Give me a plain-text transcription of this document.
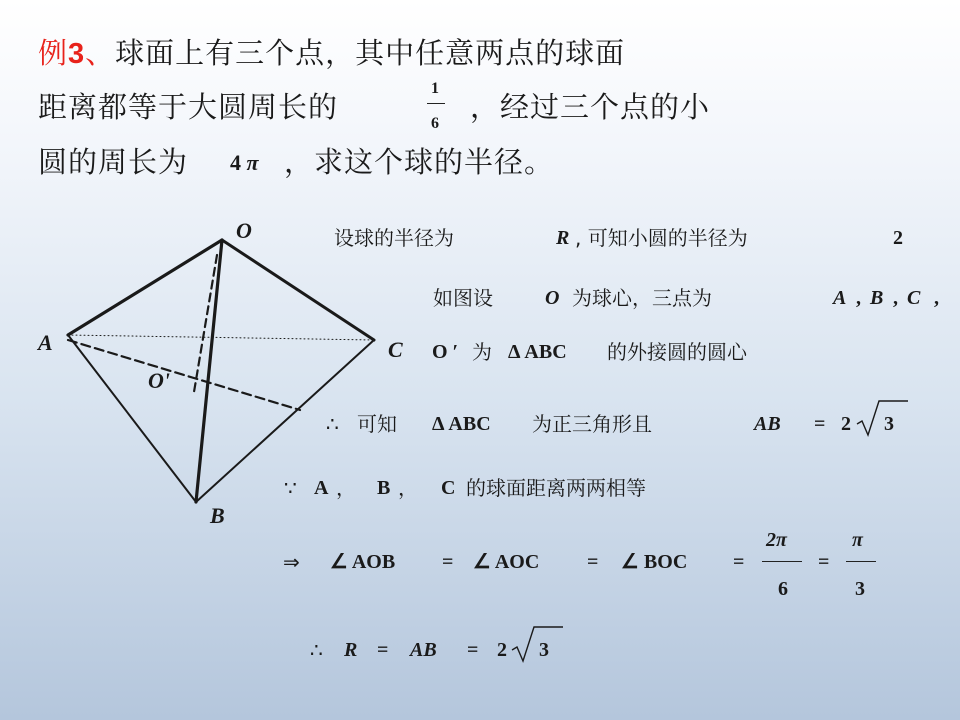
例3、球面上有三个点，其中任意两点的球面
距离都等于大圆周长的
1
6 ，经过三个点的小
圆的周长为 4 π ，求这个球的半径。
O
A	C
O'
B
设球的半径为	R , 可知小圆的半径为	2
如图设	O 为球心，三点为	A , B , C ,
O ′ 为 Δ ABC 的外接圆的圆心
∴ 可知 Δ ABC 为正三角形且	AB = 2 3
∵ A ， B ， C 的球面距离两两相等
⇒ ∠ AOB = ∠ AOC = ∠ BOC =
2π
6
=
π
3
∴ R = AB = 2 3
